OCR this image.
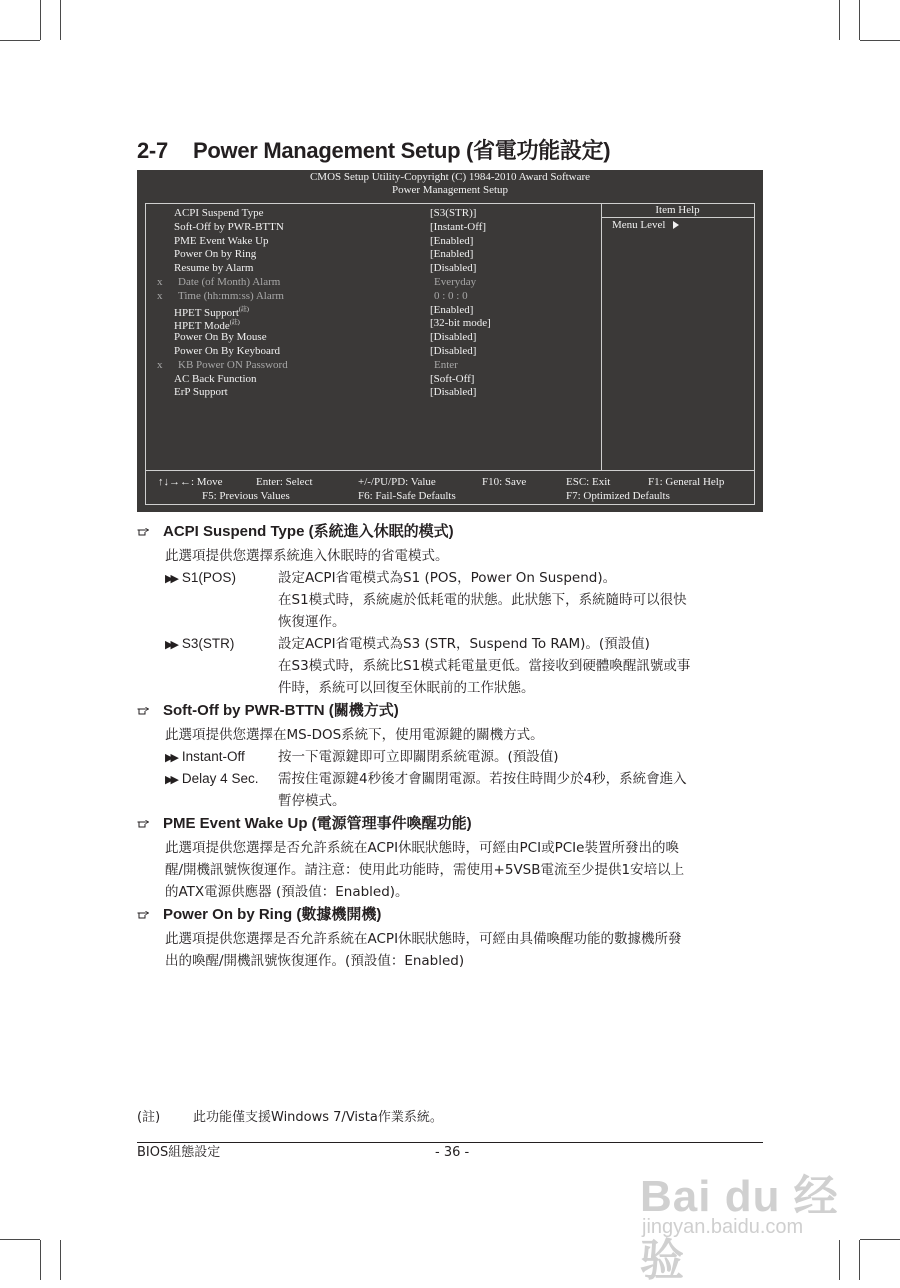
2-7 Power Management Setup (省電功能設定)
CMOS Setup Utility-Copyright (C) 1984-2010 Award Software
Power Management Setup
Item Help
Menu Level
ACPI Suspend Type	[S3(STR)]
Soft-Off by PWR-BTTN	[Instant-Off]
PME Event Wake Up	[Enabled]
Power On by Ring	[Enabled]
Resume by Alarm	[Disabled]
x Date (of Month) Alarm	Everyday
x Time (hh:mm:ss) Alarm	0 : 0 : 0
HPET Support$^{(註)}$	[Enabled]
HPET Mode$^{(註)}$	[32-bit mode]
Power On By Mouse	[Disabled]
Power On By Keyboard	[Disabled]
x KB Power ON Password	Enter
AC Back Function	[Soft-Off]
ErP Support	[Disabled]
↑↓→←: Move	Enter: Select	+/-/PU/PD: Value	F10: Save	ESC: Exit	F1: General Help
F5: Previous Values	F6: Fail-Safe Defaults	F7: Optimized Defaults
ACPI Suspend Type (系統進入休眠的模式)
此選項提供您選擇系統進入休眠時的省電模式。
▶▶ S1(POS)	設定ACPI省電模式為S1 (POS，Power On Suspend)。
在S1模式時，系統處於低耗電的狀態。此狀態下，系統隨時可以很快
恢復運作。
▶▶ S3(STR)	設定ACPI省電模式為S3 (STR，Suspend To RAM)。(預設值)
在S3模式時，系統比S1模式耗電量更低。當接收到硬體喚醒訊號或事
件時，系統可以回復至休眠前的工作狀態。
Soft-Off by PWR-BTTN (關機方式)
此選項提供您選擇在MS-DOS系統下，使用電源鍵的關機方式。
▶▶ Instant-Off 按一下電源鍵即可立即關閉系統電源。(預設值)
▶▶ Delay 4 Sec. 需按住電源鍵4秒後才會關閉電源。若按住時間少於4秒，系統會進入
暫停模式。
PME Event Wake Up (電源管理事件喚醒功能)
此選項提供您選擇是否允許系統在ACPI休眠狀態時，可經由PCI或PCIe裝置所發出的喚
醒/開機訊號恢復運作。請注意：使用此功能時，需使用+5VSB電流至少提供1安培以上
的ATX電源供應器 (預設值：Enabled)。
Power On by Ring (數據機開機)
此選項提供您選擇是否允許系統在ACPI休眠狀態時，可經由具備喚醒功能的數據機所發
出的喚醒/開機訊號恢復運作。(預設值：Enabled)
(註)	此功能僅支援Windows 7/Vista作業系統。
BIOS組態設定	- 36 -
Bai du 经验
jingyan.baidu.com
